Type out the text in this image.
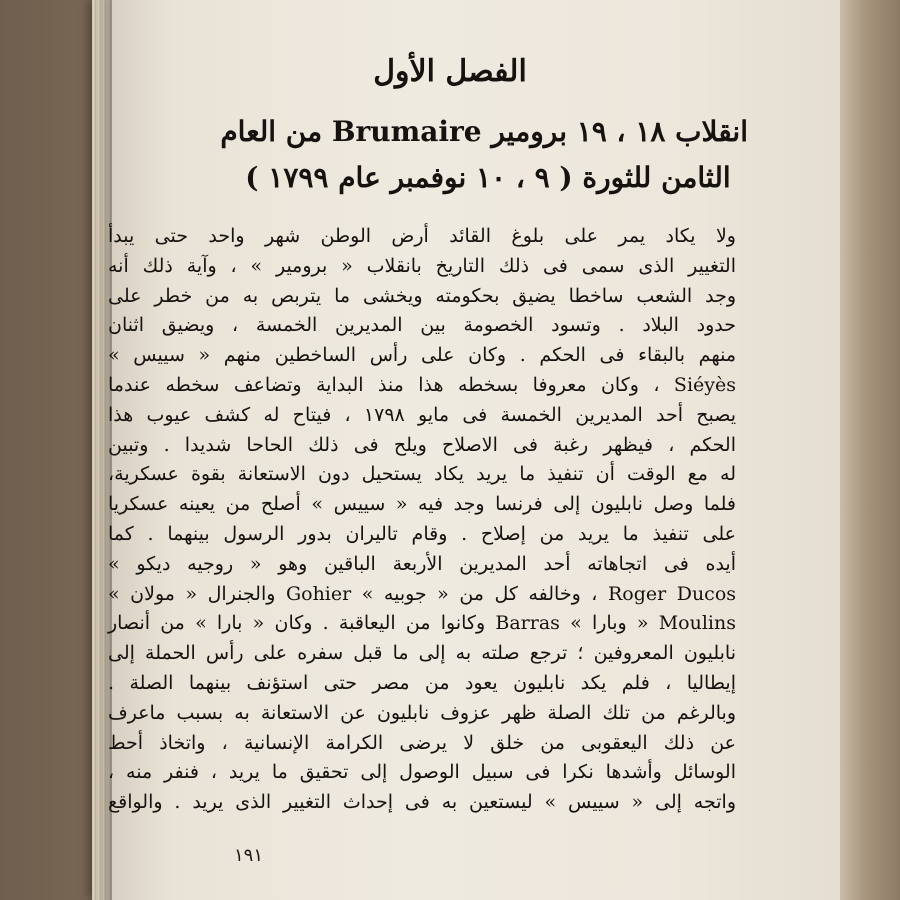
الفصل الأول
انقلاب ١٨ ، ١٩ برومير Brumaire من العام
الثامن للثورة ( ٩ ، ١٠ نوفمبر عام ١٧٩٩ )
ولا يكاد يمر على بلوغ القائد أرض الوطن شهر واحد حتى يبدأ
التغيير الذى سمى فى ذلك التاريخ بانقلاب « برومير » ، وآية ذلك أنه
وجد الشعب ساخطا يضيق بحكومته ويخشى ما يتربص به من خطر على
حدود البلاد . وتسود الخصومة بين المديرين الخمسة ، ويضيق اثنان
منهم بالبقاء فى الحكم . وكان على رأس الساخطين منهم « سييس »
Siéyès ، وكان معروفا بسخطه هذا منذ البداية وتضاعف سخطه عندما
يصبح أحد المديرين الخمسة فى مايو ١٧٩٨ ، فيتاح له كشف عيوب هذا
الحكم ، فيظهر رغبة فى الاصلاح ويلح فى ذلك الحاحا شديدا . وتبين
له مع الوقت أن تنفيذ ما يريد يكاد يستحيل دون الاستعانة بقوة عسكرية،
فلما وصل نابليون إلى فرنسا وجد فيه « سييس » أصلح من يعينه عسكريا
على تنفيذ ما يريد من إصلاح . وقام تاليران بدور الرسول بينهما . كما
أيده فى اتجاهاته أحد المديرين الأربعة الباقين وهو « روجيه ديكو »
Roger Ducos ، وخالفه كل من « جوبيه » Gohier والجنرال « مولان »
Moulins « وبارا » Barras وكانوا من اليعاقبة . وكان « بارا » من أنصار
نابليون المعروفين ؛ ترجع صلته به إلى ما قبل سفره على رأس الحملة إلى
إيطاليا ، فلم يكد نابليون يعود من مصر حتى استؤنف بينهما الصلة .
وبالرغم من تلك الصلة ظهر عزوف نابليون عن الاستعانة به بسبب ماعرف
عن ذلك اليعقوبى من خلق لا يرضى الكرامة الإنسانية ، واتخاذ أحط
الوسائل وأشدها نكرا فى سبيل الوصول إلى تحقيق ما يريد ، فنفر منه ،
واتجه إلى « سييس » ليستعين به فى إحداث التغيير الذى يريد . والواقع
١٩١
